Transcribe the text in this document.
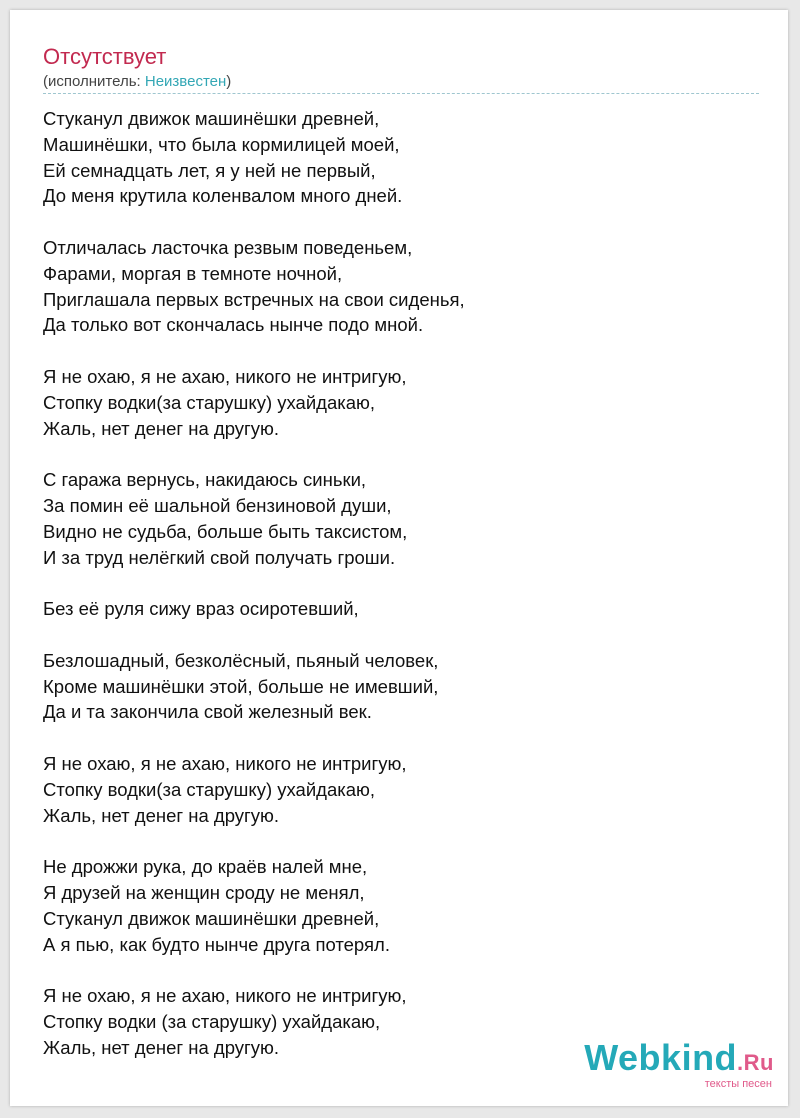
Отсутствует
(исполнитель: Неизвестен)
Стуканул движок машинёшки древней,
Машинёшки, что была кормилицей моей,
Ей семнадцать лет, я у ней не первый,
До меня крутила коленвалом много дней.
Отличалась ласточка резвым поведеньем,
Фарами, моргая в темноте ночной,
Приглашала первых встречных на свои сиденья,
Да только вот скончалась нынче подо мной.
Я не охаю, я не ахаю, никого не интригую,
Стопку водки(за старушку) ухайдакаю,
Жаль, нет денег на другую.
С гаража вернусь, накидаюсь синьки,
За помин её шальной бензиновой души,
Видно не судьба, больше быть таксистом,
И за труд нелёгкий свой получать гроши.
Без её руля сижу враз осиротевший,
Безлошадный, безколёсный, пьяный человек,
Кроме машинёшки этой, больше не имевший,
Да и та закончила свой железный век.
Я не охаю, я не ахаю, никого не интригую,
Стопку водки(за старушку) ухайдакаю,
Жаль, нет денег на другую.
Не дрожжи рука, до краёв налей мне,
Я друзей на женщин сроду не менял,
Стуканул движок машинёшки древней,
А я пью, как будто нынче друга потерял.
Я не охаю, я не ахаю, никого не интригую,
Стопку водки (за старушку) ухайдакаю,
Жаль, нет денег на другую.	Webkind.Ru
тексты песен
